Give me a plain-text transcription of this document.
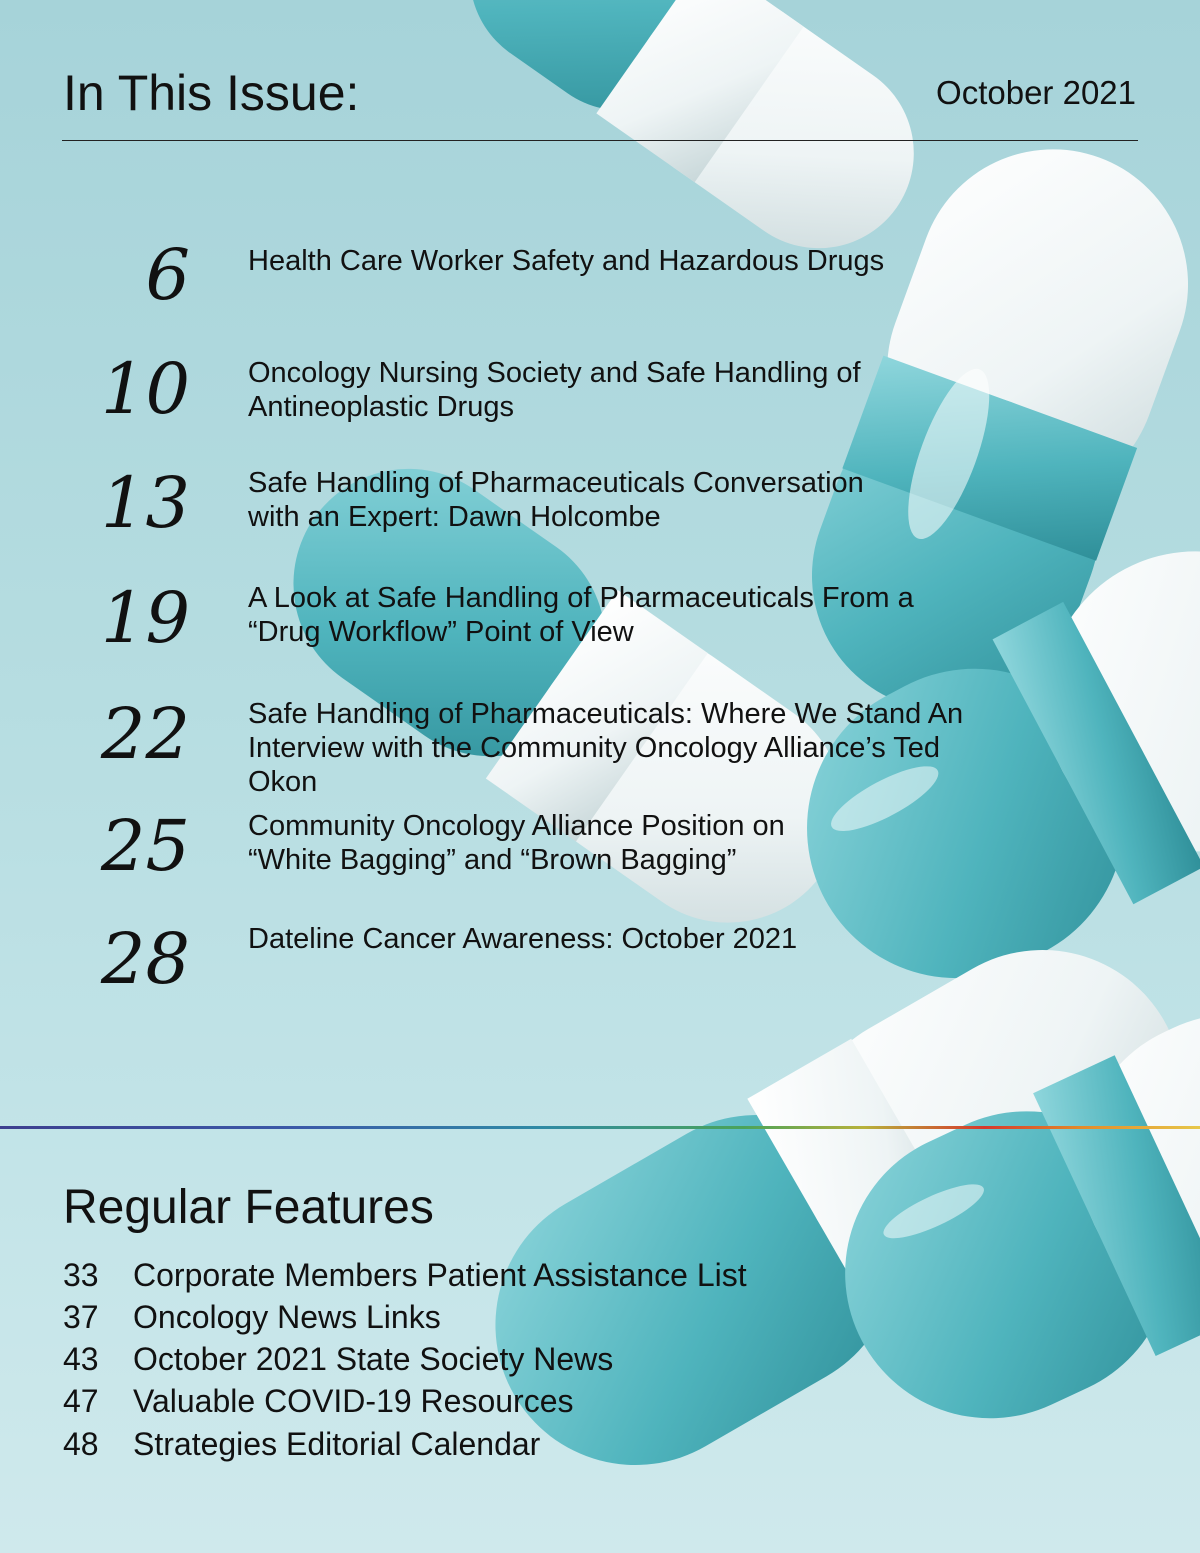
In This Issue:	October 2021
6 Health Care Worker Safety and Hazardous Drugs
10 Oncology Nursing Society and Safe Handling of Antineoplastic Drugs
13 Safe Handling of Pharmaceuticals Conversation with an Expert: Dawn Holcombe
19 A Look at Safe Handling of Pharmaceuticals From a “Drug Workflow” Point of View
22 Safe Handling of Pharmaceuticals: Where We Stand An Interview with the Community Oncology Alliance’s Ted Okon
25 Community Oncology Alliance Position on “White Bagging” and “Brown Bagging”
28 Dateline Cancer Awareness: October 2021
Regular Features
33 Corporate Members Patient Assistance List
37 Oncology News Links
43 October 2021 State Society News
47 Valuable COVID-19 Resources
48 Strategies Editorial Calendar
